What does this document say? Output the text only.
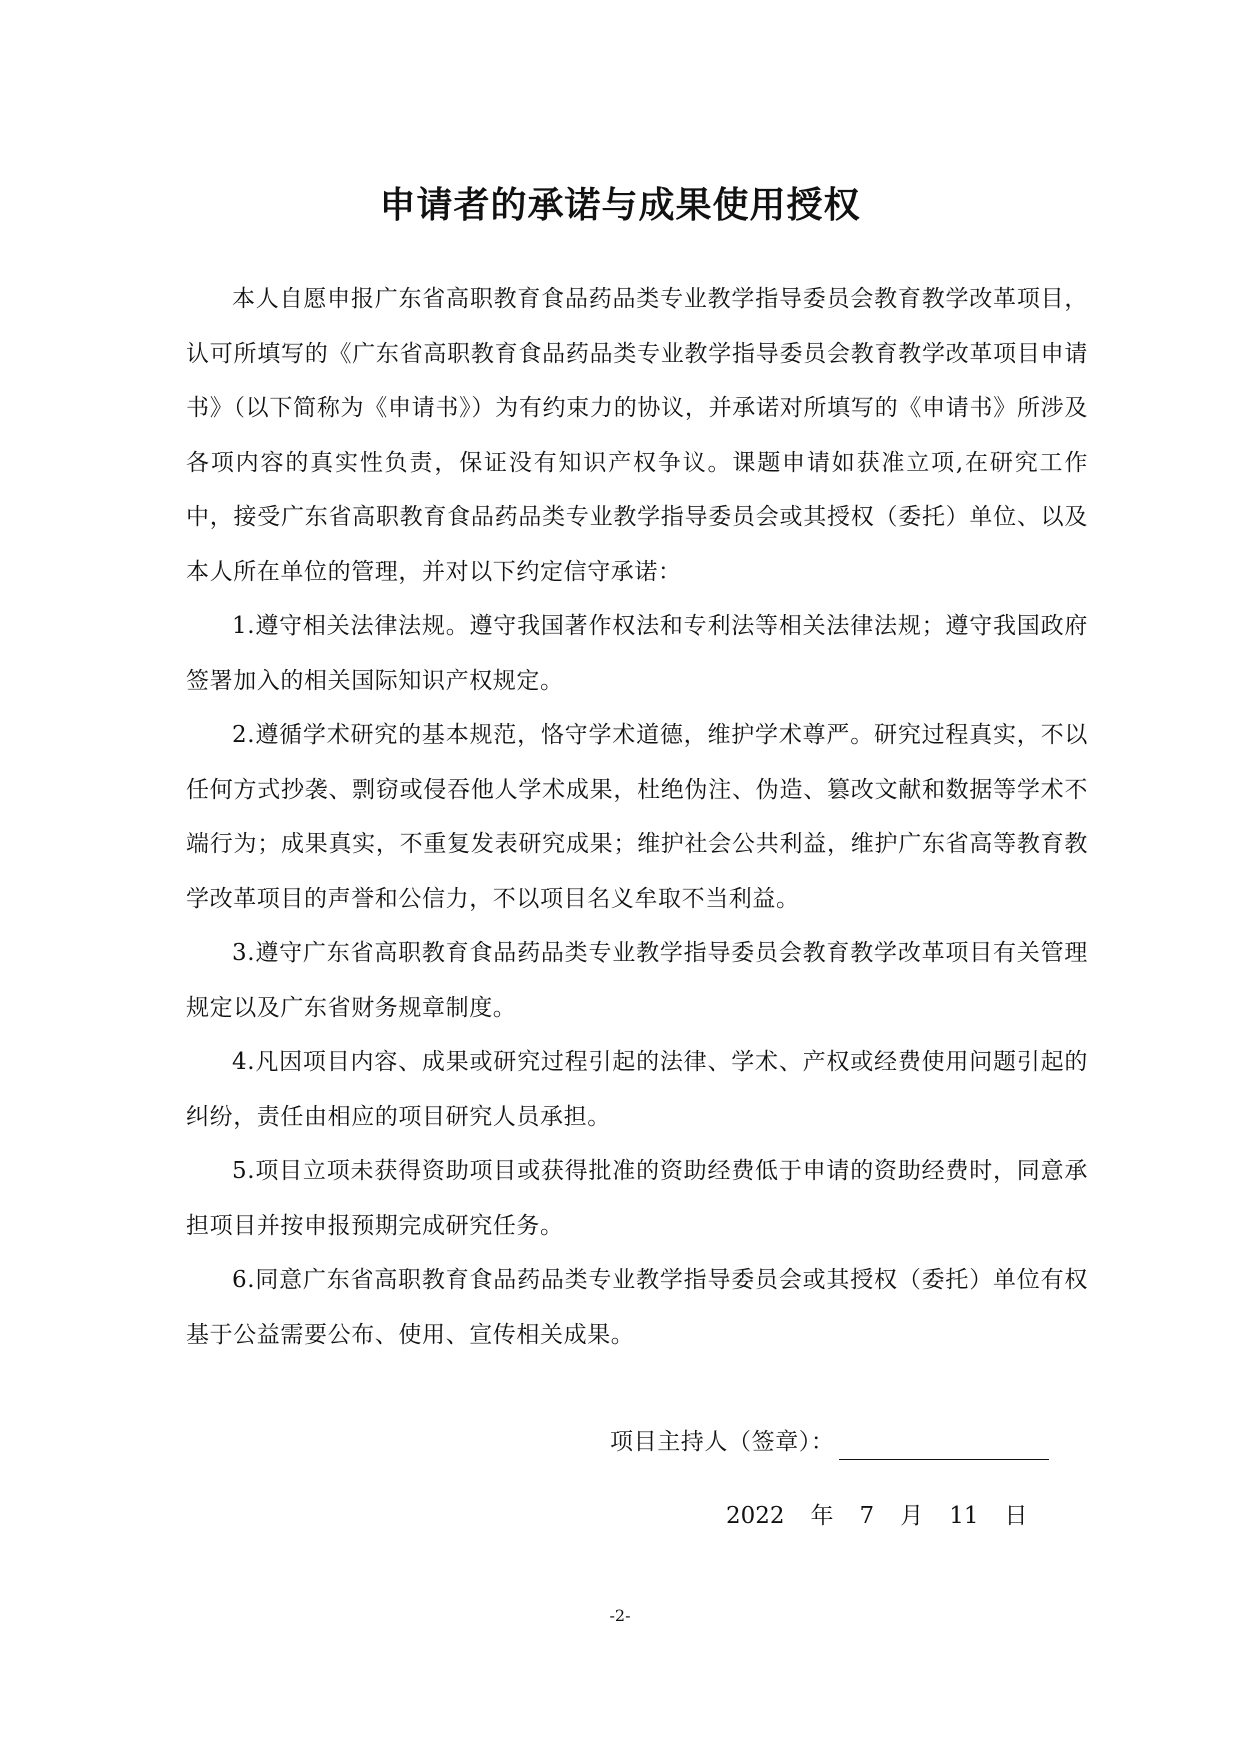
申请者的承诺与成果使用授权

本人自愿申报广东省高职教育食品药品类专业教学指导委员会教育教学改革项目，认可所填写的《广东省高职教育食品药品类专业教学指导委员会教育教学改革项目申请书》（以下简称为《申请书》）为有约束力的协议，并承诺对所填写的《申请书》所涉及各项内容的真实性负责，保证没有知识产权争议。课题申请如获准立项,在研究工作中，接受广东省高职教育食品药品类专业教学指导委员会或其授权（委托）单位、以及本人所在单位的管理，并对以下约定信守承诺：

1.遵守相关法律法规。遵守我国著作权法和专利法等相关法律法规；遵守我国政府签署加入的相关国际知识产权规定。

2.遵循学术研究的基本规范，恪守学术道德，维护学术尊严。研究过程真实，不以任何方式抄袭、剽窃或侵吞他人学术成果，杜绝伪注、伪造、篡改文献和数据等学术不端行为；成果真实，不重复发表研究成果；维护社会公共利益，维护广东省高等教育教学改革项目的声誉和公信力，不以项目名义牟取不当利益。

3.遵守广东省高职教育食品药品类专业教学指导委员会教育教学改革项目有关管理规定以及广东省财务规章制度。

4.凡因项目内容、成果或研究过程引起的法律、学术、产权或经费使用问题引起的纠纷，责任由相应的项目研究人员承担。

5.项目立项未获得资助项目或获得批准的资助经费低于申请的资助经费时，同意承担项目并按申报预期完成研究任务。

6.同意广东省高职教育食品药品类专业教学指导委员会或其授权（委托）单位有权基于公益需要公布、使用、宣传相关成果。

项目主持人（签章）：
2022 年 7 月 11 日
-2-
